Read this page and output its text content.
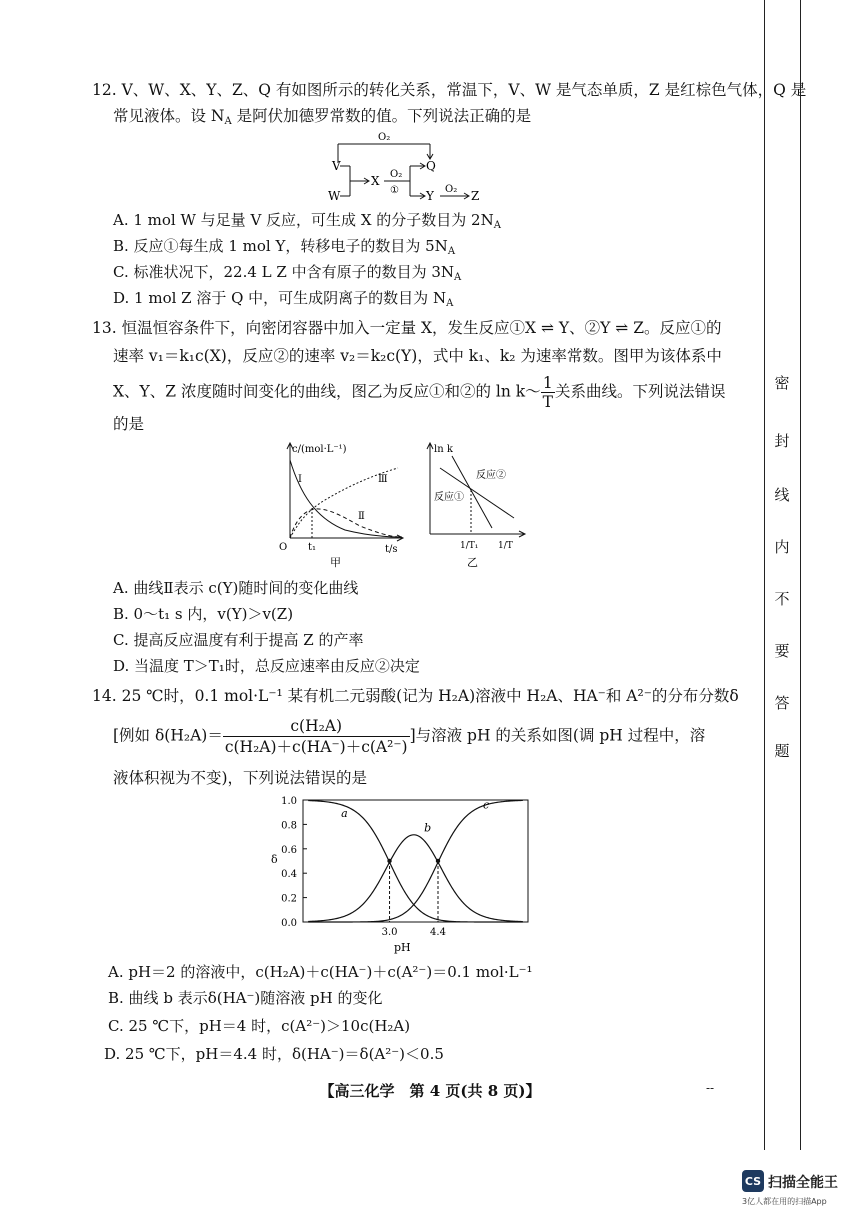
12. V、W、X、Y、Z、Q 有如图所示的转化关系，常温下，V、W 是气态单质，Z 是红棕色气体，Q 是
常见液体。设 $N_A$ 是阿伏加德罗常数的值。下列说法正确的是
V
W
X
Q
Y	Z
O₂
O₂
①	O₂
A. 1 mol W 与足量 V 反应，可生成 X 的分子数目为 $2N_A$
B. 反应①每生成 1 mol Y，转移电子的数目为 $5N_A$
C. 标准状况下，22.4 L Z 中含有原子的数目为 $3N_A$
D. 1 mol Z 溶于 Q 中，可生成阴离子的数目为 $N_A$
13. 恒温恒容条件下，向密闭容器中加入一定量 X，发生反应①X ⇌ Y、②Y ⇌ Z。反应①的
速率 v₁＝k₁c(X)，反应②的速率 v₂＝k₂c(Y)，式中 k₁、k₂ 为速率常数。图甲为该体系中
X、Y、Z 浓度随时间变化的曲线，图乙为反应①和②的 ln k～ $\frac{1}{T}$ 关系曲线。下列说法错误
的是
c/(mol·L⁻¹)
t/s
O t₁
Ⅰ
Ⅱ
Ⅲ
甲
ln k
反应②
反应①
1/T₁ 1/T
乙
A. 曲线Ⅱ表示 c(Y)随时间的变化曲线
B. 0～t₁ s 内，v(Y)＞v(Z)
C. 提高反应温度有利于提高 Z 的产率
D. 当温度 T＞T₁时，总反应速率由反应②决定
14. 25 ℃时，0.1 mol·L⁻¹ 某有机二元弱酸(记为 H₂A)溶液中 H₂A、HA⁻和 A²⁻的分布分数δ
[例如 $\delta(H_2A)= \frac{\text{c(H₂A)}}{\text{c(H₂A)＋c(HA⁻)＋c(A²⁻)}}$ ]与溶液 pH 的关系如图(调 pH 过程中，溶
液体积视为不变)，下列说法错误的是
0.0
0.2
0.4
0.6
0.8
1.0
3.0	4.4
a
b
c
δ
pH
A. pH＝2 的溶液中，c(H₂A)＋c(HA⁻)＋c(A²⁻)＝0.1 mol·L⁻¹
B. 曲线 b 表示δ(HA⁻)随溶液 pH 的变化
C. 25 ℃下，pH＝4 时，c(A²⁻)＞10c(H₂A)
D. 25 ℃下，pH＝4.4 时，δ(HA⁻)＝δ(A²⁻)＜0.5
【高三化学　第 4 页(共 8 页)】	--
密
封
线
内
不
要
答
题
CS 扫描全能王
3亿人都在用的扫描App
